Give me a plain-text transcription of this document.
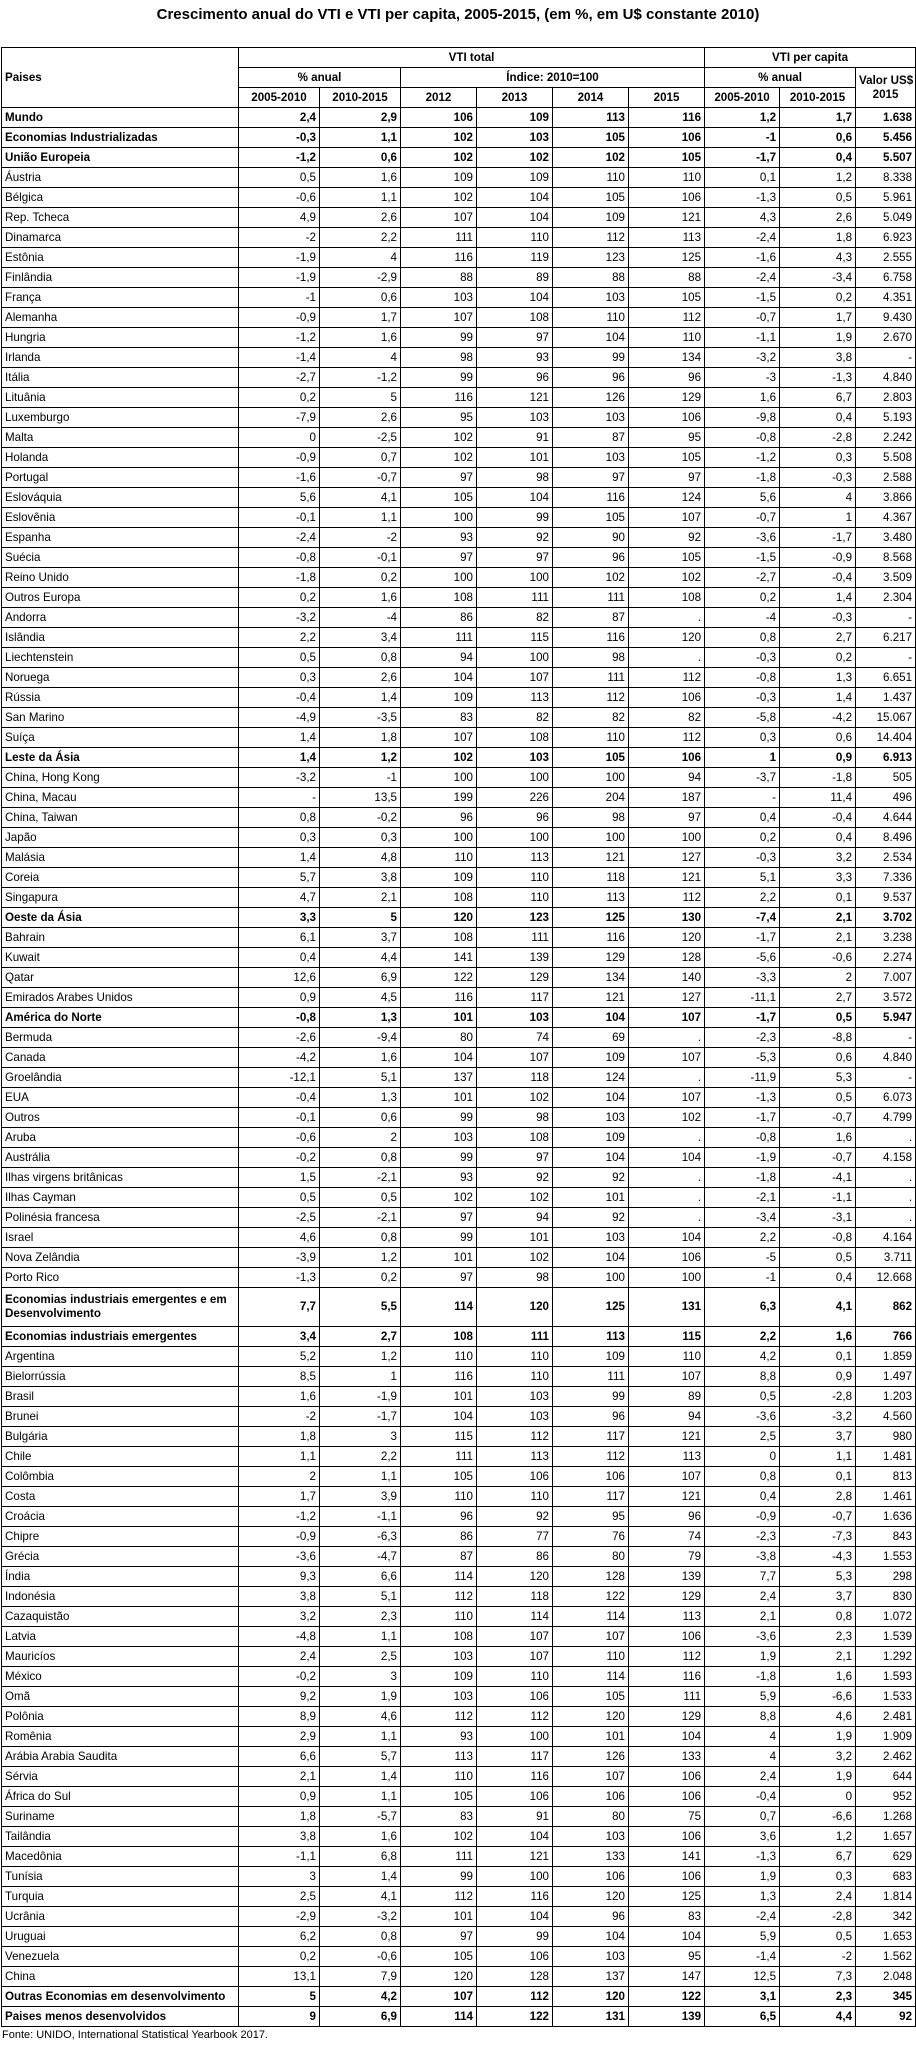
Crescimento anual do VTI e VTI per capita, 2005-2015, (em %, em U$ constante 2010)
Paises	VTI total						VTI per capita		
	% anual		Índice: 2010=100				% anual		Valor US$
2015
	2005-2010	2010-2015	2012	2013	2014	2015	2005-2010	2010-2015	
Mundo	2,4	2,9	106	109	113	116	1,2	1,7	1.638
Economias Industrializadas	-0,3	1,1	102	103	105	106	-1	0,6	5.456
União Europeia	-1,2	0,6	102	102	102	105	-1,7	0,4	5.507
Áustria	0,5	1,6	109	109	110	110	0,1	1,2	8.338
Bélgica	-0,6	1,1	102	104	105	106	-1,3	0,5	5.961
Rep. Tcheca	4,9	2,6	107	104	109	121	4,3	2,6	5.049
Dinamarca	-2	2,2	111	110	112	113	-2,4	1,8	6.923
Estônia	-1,9	4	116	119	123	125	-1,6	4,3	2.555
Finlândia	-1,9	-2,9	88	89	88	88	-2,4	-3,4	6.758
França	-1	0,6	103	104	103	105	-1,5	0,2	4.351
Alemanha	-0,9	1,7	107	108	110	112	-0,7	1,7	9.430
Hungria	-1,2	1,6	99	97	104	110	-1,1	1,9	2.670
Irlanda	-1,4	4	98	93	99	134	-3,2	3,8	-
Itália	-2,7	-1,2	99	96	96	96	-3	-1,3	4.840
Lituânia	0,2	5	116	121	126	129	1,6	6,7	2.803
Luxemburgo	-7,9	2,6	95	103	103	106	-9,8	0,4	5.193
Malta	0	-2,5	102	91	87	95	-0,8	-2,8	2.242
Holanda	-0,9	0,7	102	101	103	105	-1,2	0,3	5.508
Portugal	-1,6	-0,7	97	98	97	97	-1,8	-0,3	2.588
Eslováquia	5,6	4,1	105	104	116	124	5,6	4	3.866
Eslovênia	-0,1	1,1	100	99	105	107	-0,7	1	4.367
Espanha	-2,4	-2	93	92	90	92	-3,6	-1,7	3.480
Suécia	-0,8	-0,1	97	97	96	105	-1,5	-0,9	8.568
Reino Unido	-1,8	0,2	100	100	102	102	-2,7	-0,4	3.509
Outros Europa	0,2	1,6	108	111	111	108	0,2	1,4	2.304
Andorra	-3,2	-4	86	82	87	.	-4	-0,3	-
Islândia	2,2	3,4	111	115	116	120	0,8	2,7	6.217
Liechtenstein	0,5	0,8	94	100	98	.	-0,3	0,2	-
Noruega	0,3	2,6	104	107	111	112	-0,8	1,3	6.651
Rússia	-0,4	1,4	109	113	112	106	-0,3	1,4	1.437
San Marino	-4,9	-3,5	83	82	82	82	-5,8	-4,2	15.067
Suíça	1,4	1,8	107	108	110	112	0,3	0,6	14.404
Leste da Ásia	1,4	1,2	102	103	105	106	1	0,9	6.913
China, Hong Kong	-3,2	-1	100	100	100	94	-3,7	-1,8	505
China, Macau	-	13,5	199	226	204	187	-	11,4	496
China, Taiwan	0,8	-0,2	96	96	98	97	0,4	-0,4	4.644
Japão	0,3	0,3	100	100	100	100	0,2	0,4	8.496
Malásia	1,4	4,8	110	113	121	127	-0,3	3,2	2.534
Coreia	5,7	3,8	109	110	118	121	5,1	3,3	7.336
Singapura	4,7	2,1	108	110	113	112	2,2	0,1	9.537
Oeste da Ásia	3,3	5	120	123	125	130	-7,4	2,1	3.702
Bahrain	6,1	3,7	108	111	116	120	-1,7	2,1	3.238
Kuwait	0,4	4,4	141	139	129	128	-5,6	-0,6	2.274
Qatar	12,6	6,9	122	129	134	140	-3,3	2	7.007
Emirados Arabes Unidos	0,9	4,5	116	117	121	127	-11,1	2,7	3.572
América do Norte	-0,8	1,3	101	103	104	107	-1,7	0,5	5.947
Bermuda	-2,6	-9,4	80	74	69	.	-2,3	-8,8	-
Canada	-4,2	1,6	104	107	109	107	-5,3	0,6	4.840
Groelândia	-12,1	5,1	137	118	124	.	-11,9	5,3	-
EUA	-0,4	1,3	101	102	104	107	-1,3	0,5	6.073
Outros	-0,1	0,6	99	98	103	102	-1,7	-0,7	4.799
Aruba	-0,6	2	103	108	109	.	-0,8	1,6	.
Austrália	-0,2	0,8	99	97	104	104	-1,9	-0,7	4.158
Ilhas virgens britânicas	1,5	-2,1	93	92	92	.	-1,8	-4,1	.
Ilhas Cayman	0,5	0,5	102	102	101	.	-2,1	-1,1	.
Polinésia francesa	-2,5	-2,1	97	94	92	.	-3,4	-3,1	.
Israel	4,6	0,8	99	101	103	104	2,2	-0,8	4.164
Nova Zelândia	-3,9	1,2	101	102	104	106	-5	0,5	3.711
Porto Rico	-1,3	0,2	97	98	100	100	-1	0,4	12.668
Economias industriais emergentes e em Desenvolvimento	7,7	5,5	114	120	125	131	6,3	4,1	862
Economias industriais emergentes	3,4	2,7	108	111	113	115	2,2	1,6	766
Argentina	5,2	1,2	110	110	109	110	4,2	0,1	1.859
Bielorrússia	8,5	1	116	110	111	107	8,8	0,9	1.497
Brasil	1,6	-1,9	101	103	99	89	0,5	-2,8	1.203
Brunei	-2	-1,7	104	103	96	94	-3,6	-3,2	4.560
Bulgária	1,8	3	115	112	117	121	2,5	3,7	980
Chile	1,1	2,2	111	113	112	113	0	1,1	1.481
Colômbia	2	1,1	105	106	106	107	0,8	0,1	813
Costa	1,7	3,9	110	110	117	121	0,4	2,8	1.461
Croácia	-1,2	-1,1	96	92	95	96	-0,9	-0,7	1.636
Chipre	-0,9	-6,3	86	77	76	74	-2,3	-7,3	843
Grécia	-3,6	-4,7	87	86	80	79	-3,8	-4,3	1.553
Índia	9,3	6,6	114	120	128	139	7,7	5,3	298
Indonésia	3,8	5,1	112	118	122	129	2,4	3,7	830
Cazaquistão	3,2	2,3	110	114	114	113	2,1	0,8	1.072
Latvia	-4,8	1,1	108	107	107	106	-3,6	2,3	1.539
Mauricíos	2,4	2,5	103	107	110	112	1,9	2,1	1.292
México	-0,2	3	109	110	114	116	-1,8	1,6	1.593
Omã	9,2	1,9	103	106	105	111	5,9	-6,6	1.533
Polônia	8,9	4,6	112	112	120	129	8,8	4,6	2.481
Romênia	2,9	1,1	93	100	101	104	4	1,9	1.909
Arábia Arabia Saudita	6,6	5,7	113	117	126	133	4	3,2	2.462
Sérvia	2,1	1,4	110	116	107	106	2,4	1,9	644
África do Sul	0,9	1,1	105	106	106	106	-0,4	0	952
Suriname	1,8	-5,7	83	91	80	75	0,7	-6,6	1.268
Tailândia	3,8	1,6	102	104	103	106	3,6	1,2	1.657
Macedônia	-1,1	6,8	111	121	133	141	-1,3	6,7	629
Tunísia	3	1,4	99	100	106	106	1,9	0,3	683
Turquia	2,5	4,1	112	116	120	125	1,3	2,4	1.814
Ucrânia	-2,9	-3,2	101	104	96	83	-2,4	-2,8	342
Uruguai	6,2	0,8	97	99	104	104	5,9	0,5	1.653
Venezuela	0,2	-0,6	105	106	103	95	-1,4	-2	1.562
China	13,1	7,9	120	128	137	147	12,5	7,3	2.048
Outras Economias em desenvolvimento	5	4,2	107	112	120	122	3,1	2,3	345
Paises menos desenvolvidos	9	6,9	114	122	131	139	6,5	4,4	92
Fonte: UNIDO, International Statistical Yearbook 2017.
